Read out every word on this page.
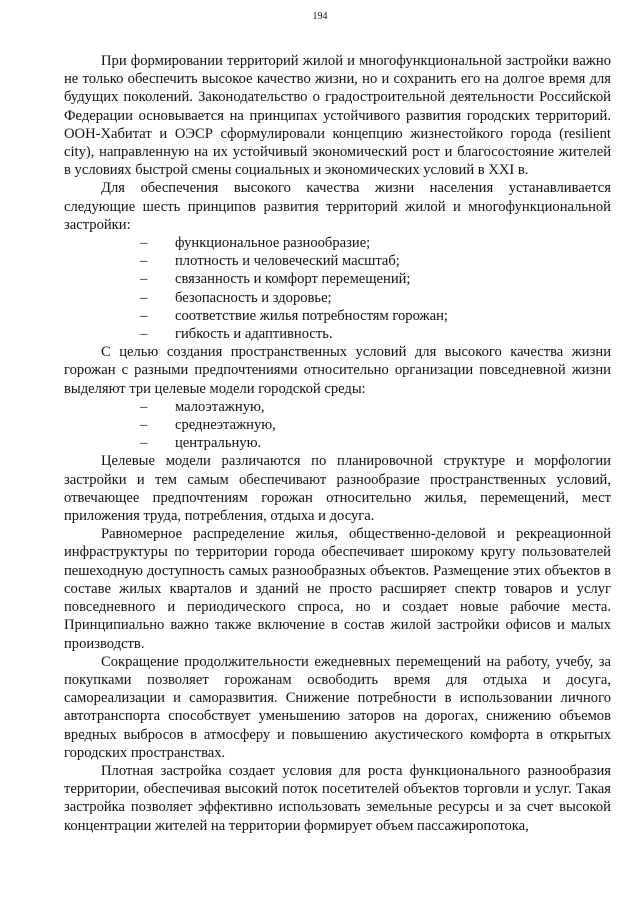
194

При формировании территорий жилой и многофункциональной застройки важно не только обеспечить высокое качество жизни, но и сохранить его на долгое время для будущих поколений. Законодательство о градостроительной деятельности Российской Федерации основывается на принципах устойчивого развития городских территорий. ООН-Хабитат и ОЭСР сформулировали концепцию жизнестойкого города (resilient city), направленную на их устойчивый экономический рост и благосостояние жителей в условиях быстрой смены социальных и экономических условий в XXI в.

Для обеспечения высокого качества жизни населения устанавливается следующие шесть принципов развития территорий жилой и многофункциональной застройки:

– функциональное разнообразие;
– плотность и человеческий масштаб;
– связанность и комфорт перемещений;
– безопасность и здоровье;
– соответствие жилья потребностям горожан;
– гибкость и адаптивность.

С целью создания пространственных условий для высокого качества жизни горожан с разными предпочтениями относительно организации повседневной жизни выделяют три целевые модели городской среды:

– малоэтажную,
– среднеэтажную,
– центральную.

Целевые модели различаются по планировочной структуре и морфологии застройки и тем самым обеспечивают разнообразие пространственных условий, отвечающее предпочтениям горожан относительно жилья, перемещений, мест приложения труда, потребления, отдыха и досуга.

Равномерное распределение жилья, общественно-деловой и рекреационной инфраструктуры по территории города обеспечивает широкому кругу пользователей пешеходную доступность самых разнообразных объектов. Размещение этих объектов в составе жилых кварталов и зданий не просто расширяет спектр товаров и услуг повседневного и периодического спроса, но и создает новые рабочие места. Принципиально важно также включение в состав жилой застройки офисов и малых производств.

Сокращение продолжительности ежедневных перемещений на работу, учебу, за покупками позволяет горожанам освободить время для отдыха и досуга, самореализации и саморазвития. Снижение потребности в использовании личного автотранспорта способствует уменьшению заторов на дорогах, снижению объемов вредных выбросов в атмосферу и повышению акустического комфорта в открытых городских пространствах.

Плотная застройка создает условия для роста функционального разнообразия территории, обеспечивая высокий поток посетителей объектов торговли и услуг. Такая застройка позволяет эффективно использовать земельные ресурсы и за счет высокой концентрации жителей на территории формирует объем пассажиропотока,
